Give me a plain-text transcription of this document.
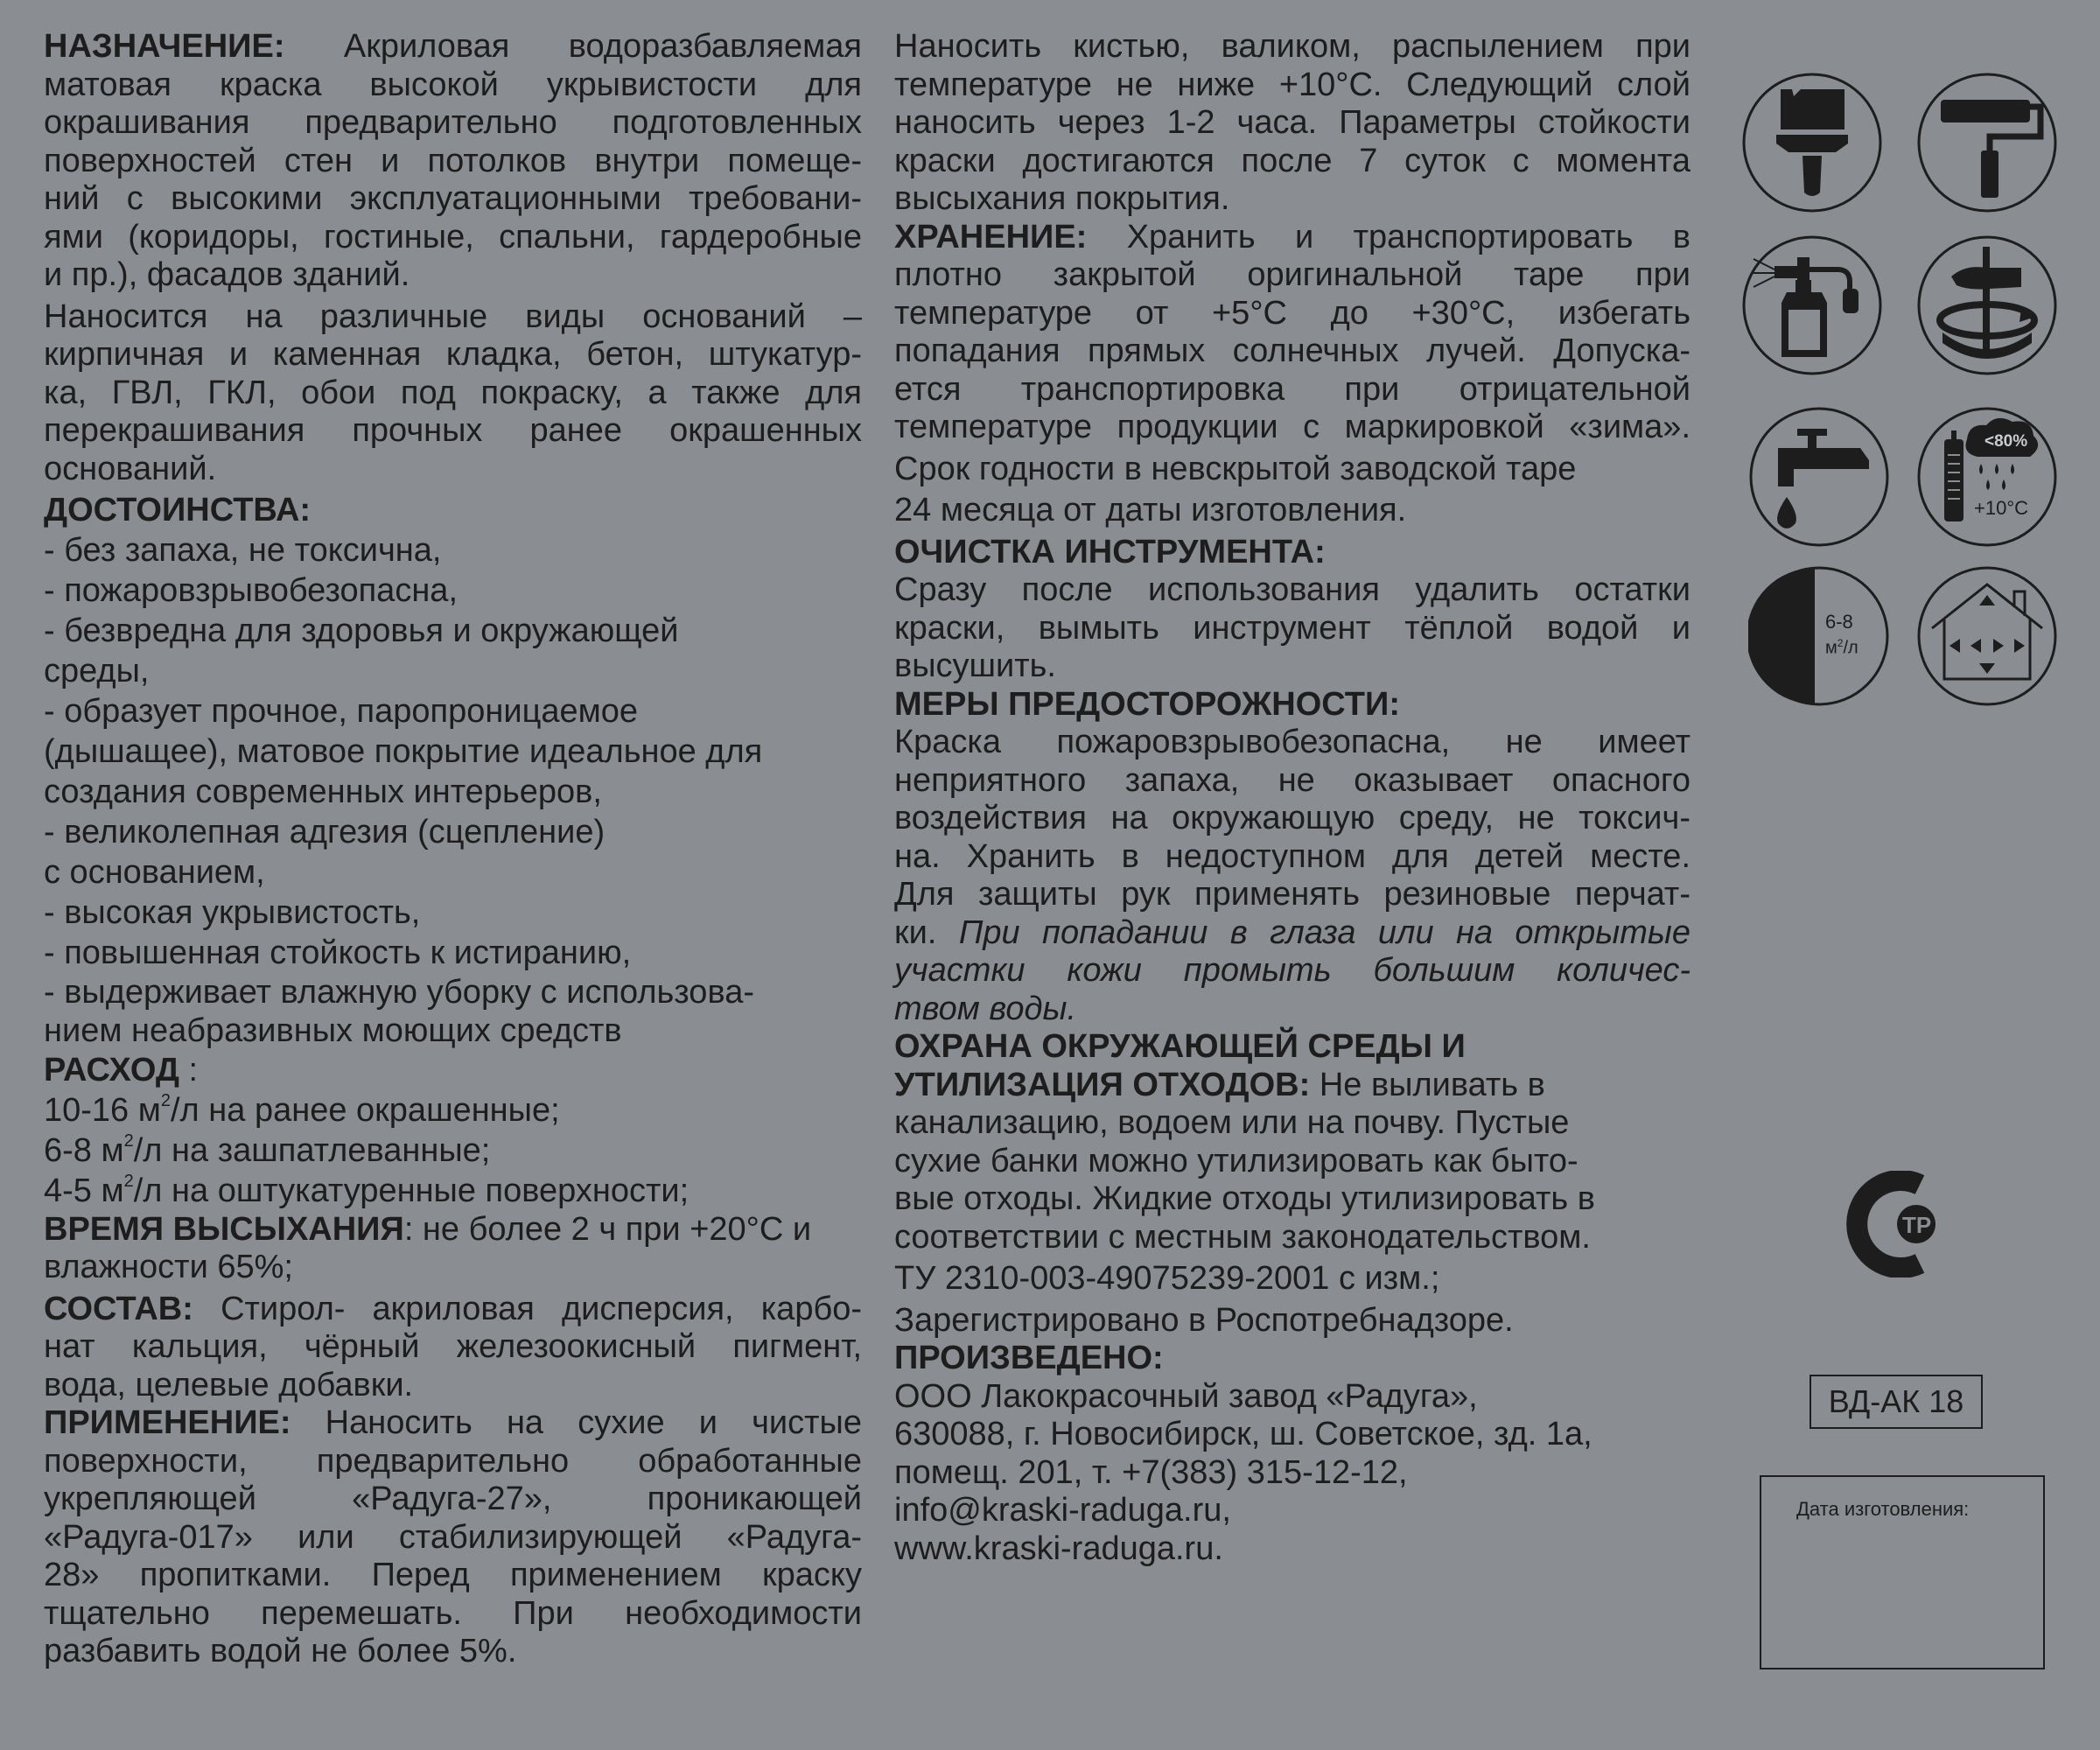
НАЗНАЧЕНИЕ: Акриловая водоразбавляемая

матовая краска высокой укрывистости для

окрашивания предварительно подготовленных

поверхностей стен и потолков внутри помеще-

ний с высокими эксплуатационными требовани-

ями (коридоры, гостиные, спальни, гардеробные

и пр.), фасадов зданий.

Наносится на различные виды оснований –

кирпичная и каменная кладка, бетон, штукатур-

ка, ГВЛ, ГКЛ, обои под покраску, а также для

перекрашивания прочных ранее окрашенных

оснований.

ДОСТОИНСТВА:

- без запаха, не токсична,

- пожаровзрывобезопасна,

- безвредна для здоровья и окружающей

среды,

- образует прочное, паропроницаемое

(дышащее), матовое покрытие идеальное для

создания современных интерьеров,

- великолепная адгезия (сцепление)

с основанием,

- высокая укрывистость,

- повышенная стойкость к истиранию,

- выдерживает влажную уборку с использова-

нием неабразивных моющих средств

РАСХОД :

10-16 $м^2/л$ на ранее окрашенные;

6-8 $м^2/л$ на зашпатлеванные;

4-5 $м^2/л$ на оштукатуренные поверхности;

ВРЕМЯ ВЫСЫХАНИЯ: не более 2 ч при +20°С и

влажности 65%;

СОСТАВ: Стирол- акриловая дисперсия, карбо-

нат кальция, чёрный железоокисный пигмент,

вода, целевые добавки.

ПРИМЕНЕНИЕ: Наносить на сухие и чистые

поверхности, предварительно обработанные

укрепляющей «Радуга-27», проникающей

«Радуга-017» или стабилизирующей «Радуга-

28» пропитками. Перед применением краску

тщательно перемешать. При необходимости

разбавить водой не более 5%.

Наносить кистью, валиком, распылением при

температуре не ниже +10°С. Следующий слой

наносить через 1-2 часа. Параметры стойкости

краски достигаются после 7 суток с момента

высыхания покрытия.

ХРАНЕНИЕ: Хранить и транспортировать в

плотно закрытой оригинальной таре при

температуре от +5°С до +30°С, избегать

попадания прямых солнечных лучей. Допуска-

ется транспортировка при отрицательной

температуре продукции с маркировкой «зима».

Срок годности в невскрытой заводской таре

24 месяца от даты изготовления.

ОЧИСТКА ИНСТРУМЕНТА:

Сразу после использования удалить остатки

краски, вымыть инструмент тёплой водой и

высушить.

МЕРЫ ПРЕДОСТОРОЖНОСТИ:

Краска пожаровзрывобезопасна, не имеет

неприятного запаха, не оказывает опасного

воздействия на окружающую среду, не токсич-

на. Хранить в недоступном для детей месте.

Для защиты рук применять резиновые перчат-

ки. При попадании в глаза или на открытые

участки кожи промыть большим количес-

твом воды.

ОХРАНА ОКРУЖАЮЩЕЙ СРЕДЫ И

УТИЛИЗАЦИЯ ОТХОДОВ: Не выливать в

канализацию, водоем или на почву. Пустые

сухие банки можно утилизировать как быто-

вые отходы. Жидкие отходы утилизировать в

соответствии с местным законодательством.

ТУ 2310-003-49075239-2001 с изм.;

Зарегистрировано в Роспотребнадзоре.

ПРОИЗВЕДЕНО:

ООО Лакокрасочный завод «Радуга»,

630088, г. Новосибирск, ш. Советское, зд. 1а,

помещ. 201, т. +7(383) 315-12-12,

info@kraski-raduga.ru,

www.kraski-raduga.ru.

<80%
+10°С
6-8
$м^2/л$
ТР
ВД-АК 18
Дата изготовления:
